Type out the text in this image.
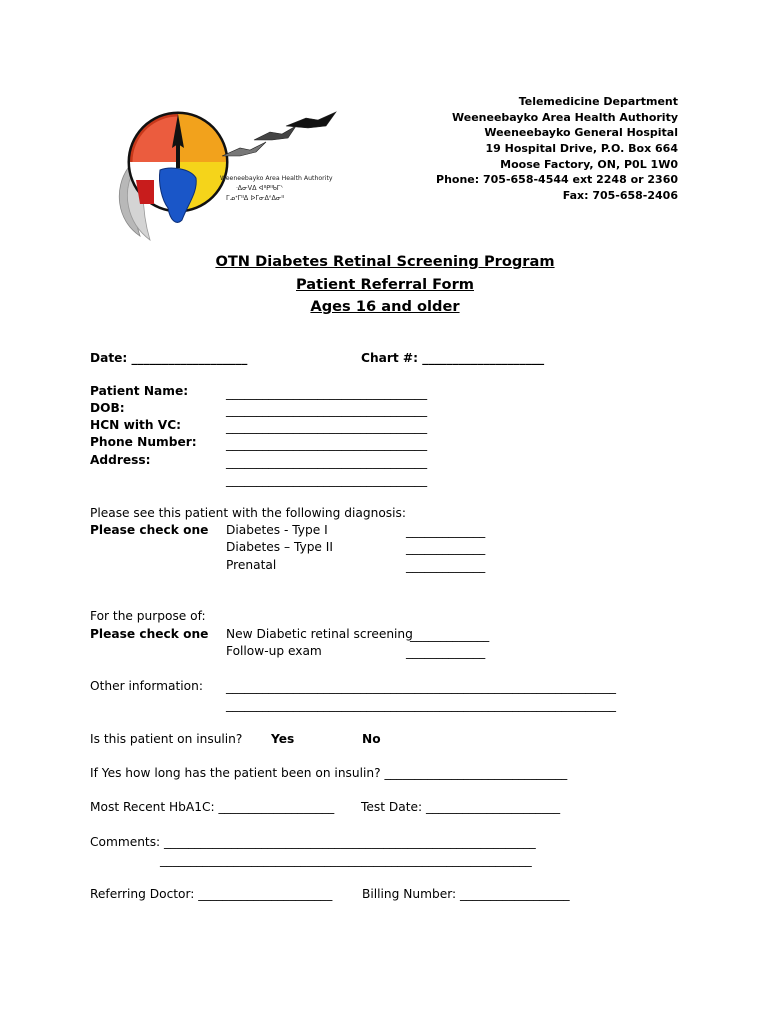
Telemedicine Department
Weeneebayko Area Health Authority
Weeneebayko General Hospital
19 Hospital Drive, P.O. Box 664
Moose Factory, ON, P0L 1W0
Phone: 705-658-4544 ext 2248 or 2360
Fax: 705-658-2406
Weeneebayko Area Health Authority
ᐧᐃᓂᐯᐃ ᐊᐦᑭᐦᑲᒥᐠ
ᒥᓄᕀᒥᐦᐃ ᐅᒥᓂᐃᐢᐃᓂᐦ
OTN Diabetes Retinal Screening Program
Patient Referral Form
Ages 16 and older
Date: ___________________	Chart #: ____________________
Patient Name:
DOB:
HCN with VC:
Phone Number:
Address:
_________________________________
_________________________________
_________________________________
_________________________________
_________________________________
_________________________________
Please see this patient with the following diagnosis:
Please check one Diabetes - Type I
Diabetes – Type II
Prenatal
_____________
_____________
_____________
For the purpose of:
Please check one New Diabetic retinal screening
Follow-up exam
_____________
_____________
Other information: ________________________________________________________________
________________________________________________________________
Is this patient on insulin? Yes	No
If Yes how long has the patient been on insulin? ______________________________
Most Recent HbA1C: ___________________ Test Date: ______________________
Comments: _____________________________________________________________
_____________________________________________________________
Referring Doctor: ______________________ Billing Number: __________________
